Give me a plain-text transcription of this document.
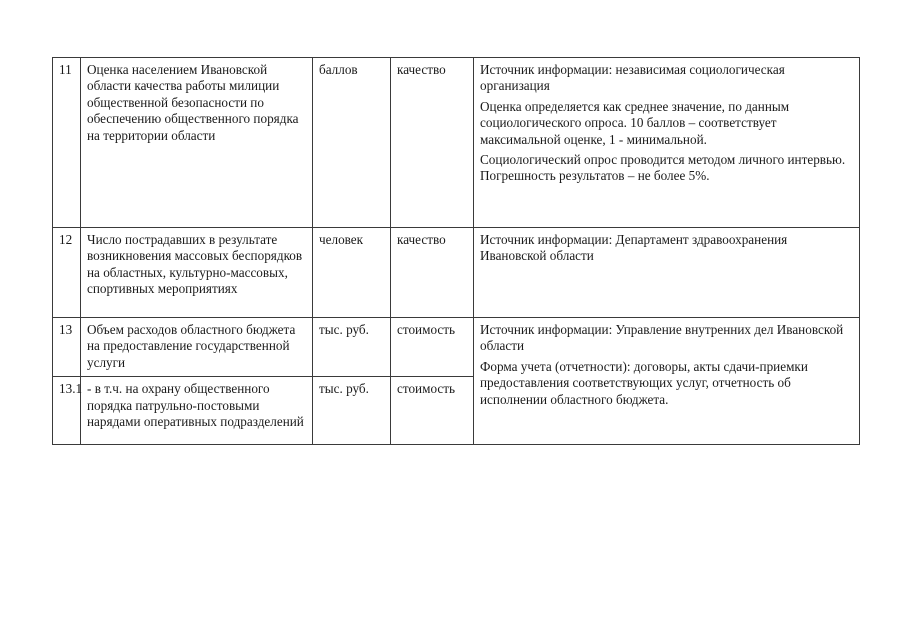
11	Оценка населением Ивановской области качества работы милиции общественной безопасности по обеспечению общественного порядка на территории области	баллов	качество	Источник информации: независимая социологическая организация

Оценка определяется как среднее значение, по данным социологического опроса. 10 баллов – соответствует максимальной оценке, 1 - минимальной.

Социологический опрос проводится методом личного интервью. Погрешность результатов – не более 5%.

12	Число пострадавших в результате возникновения массовых беспорядков на областных, культурно-массовых, спортивных мероприятиях	человек	качество	Источник информации: Департамент здравоохранения Ивановской области

13	Объем расходов областного бюджета на предоставление государственной услуги	тыс. руб.	стоимость	Источник информации: Управление внутренних дел Ивановской области

Форма учета (отчетности): договоры, акты сдачи-приемки предоставления соответствующих услуг, отчетность об исполнении областного бюджета.

13.1	- в т.ч. на охрану общественного порядка патрульно-постовыми нарядами оперативных подразделений	тыс. руб.	стоимость	
